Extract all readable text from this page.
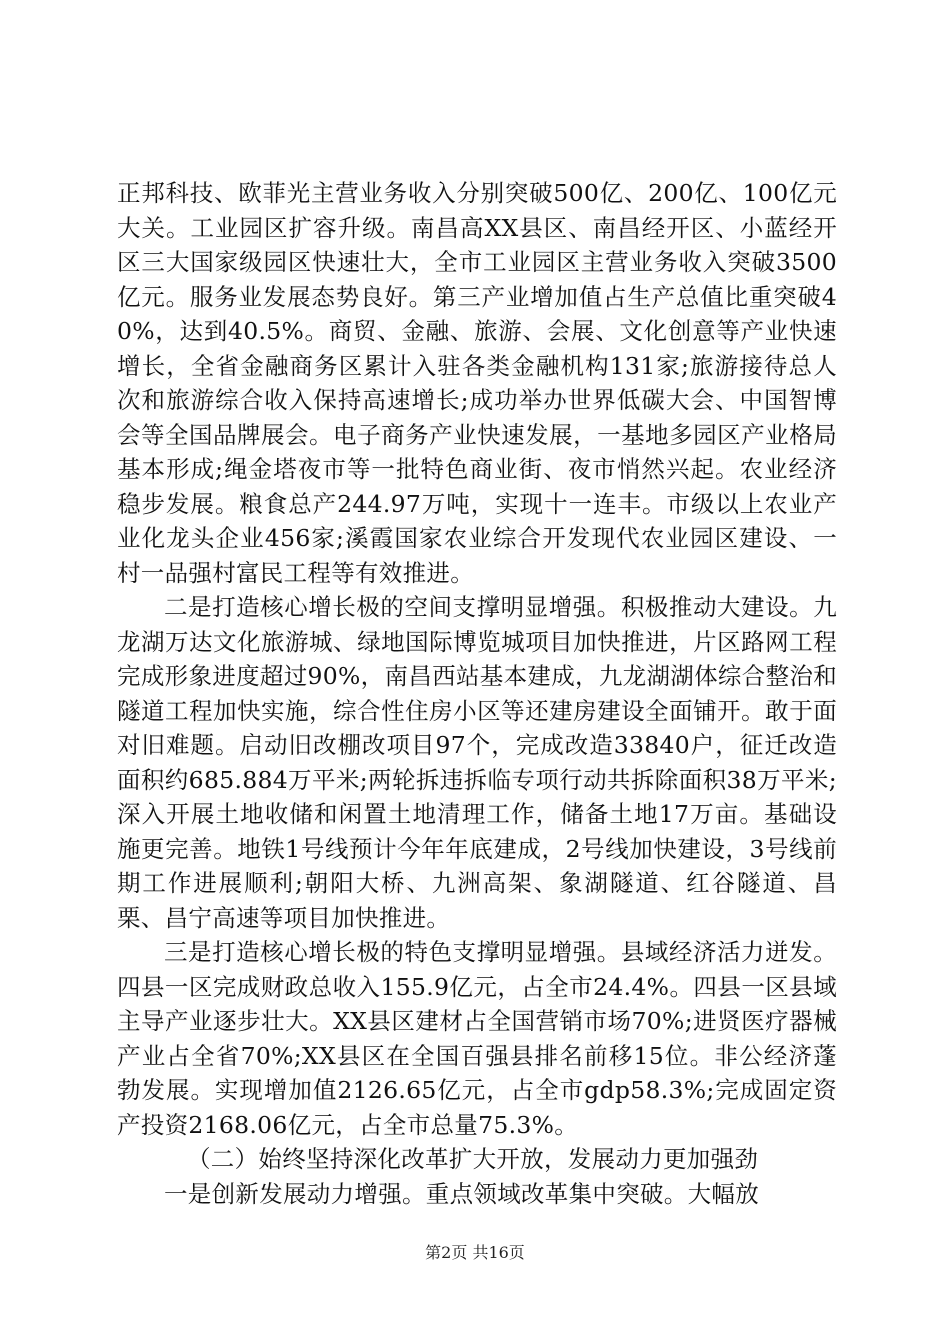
正邦科技、欧菲光主营业务收入分别突破500亿、200亿、100亿元大关。工业园区扩容升级。南昌高XX县区、南昌经开区、小蓝经开区三大国家级园区快速壮大，全市工业园区主营业务收入突破3500亿元。服务业发展态势良好。第三产业增加值占生产总值比重突破40%，达到40.5%。商贸、金融、旅游、会展、文化创意等产业快速增长，全省金融商务区累计入驻各类金融机构131家;旅游接待总人次和旅游综合收入保持高速增长;成功举办世界低碳大会、中国智博会等全国品牌展会。电子商务产业快速发展，一基地多园区产业格局基本形成;绳金塔夜市等一批特色商业街、夜市悄然兴起。农业经济稳步发展。粮食总产244.97万吨，实现十一连丰。市级以上农业产业化龙头企业456家;溪霞国家农业综合开发现代农业园区建设、一村一品强村富民工程等有效推进。

二是打造核心增长极的空间支撑明显增强。积极推动大建设。九龙湖万达文化旅游城、绿地国际博览城项目加快推进，片区路网工程完成形象进度超过90%，南昌西站基本建成，九龙湖湖体综合整治和隧道工程加快实施，综合性住房小区等还建房建设全面铺开。敢于面对旧难题。启动旧改棚改项目97个，完成改造33840户，征迁改造面积约685.884万平米;两轮拆违拆临专项行动共拆除面积38万平米;深入开展土地收储和闲置土地清理工作，储备土地17万亩。基础设施更完善。地铁1号线预计今年年底建成，2号线加快建设，3号线前期工作进展顺利;朝阳大桥、九洲高架、象湖隧道、红谷隧道、昌栗、昌宁高速等项目加快推进。

三是打造核心增长极的特色支撑明显增强。县域经济活力迸发。四县一区完成财政总收入155.9亿元，占全市24.4%。四县一区县域主导产业逐步壮大。XX县区建材占全国营销市场70%;进贤医疗器械产业占全省70%;XX县区在全国百强县排名前移15位。非公经济蓬勃发展。实现增加值2126.65亿元，占全市gdp58.3%;完成固定资产投资2168.06亿元，占全市总量75.3%。

（二）始终坚持深化改革扩大开放，发展动力更加强劲

一是创新发展动力增强。重点领域改革集中突破。大幅放

第2页 共16页
